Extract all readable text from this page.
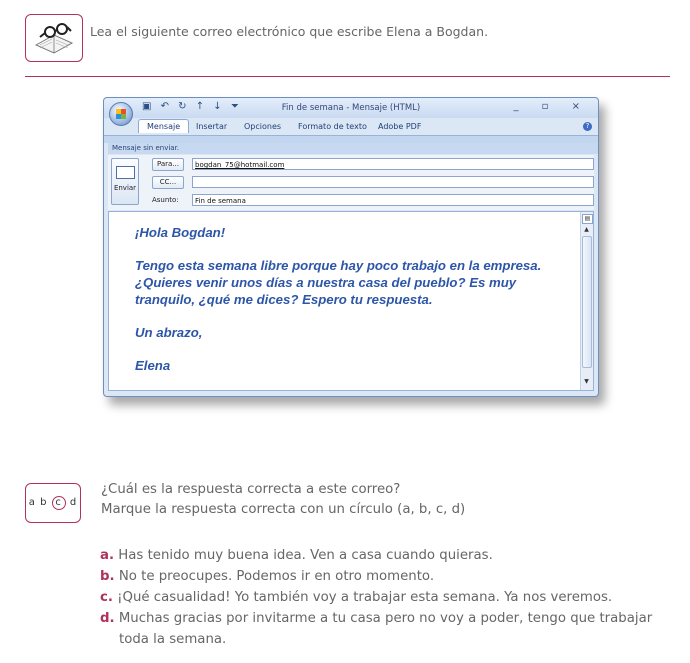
Lea el siguiente correo electrónico que escribe Elena a Bogdan.
▣ ↶ ↻ ↑ ↓ ⏷	Fin de semana - Mensaje (HTML)	_ ▫ ×
Mensaje	Insertar Opciones Formato de texto Adobe PDF	?
Mensaje sin enviar.
Enviar
Para...	bogdan_75@hotmail.com
CC...
Asunto:	Fin de semana

¡Hola Bogdan!

Tengo esta semana libre porque hay poco trabajo en la empresa. ¿Quieres venir unos días a nuestra casa del pueblo? Es muy tranquilo, ¿qué me dices? Espero tu respuesta.

Un abrazo,

Elena

▤
▲
▼
a b c d
¿Cuál es la respuesta correcta a este correo?
Marque la respuesta correcta con un círculo (a, b, c, d)

a. Has tenido muy buena idea. Ven a casa cuando quieras.

b. No te preocupes. Podemos ir en otro momento.

c. ¡Qué casualidad! Yo también voy a trabajar esta semana. Ya nos veremos.

d. Muchas gracias por invitarme a tu casa pero no voy a poder, tengo que trabajar toda la semana.
